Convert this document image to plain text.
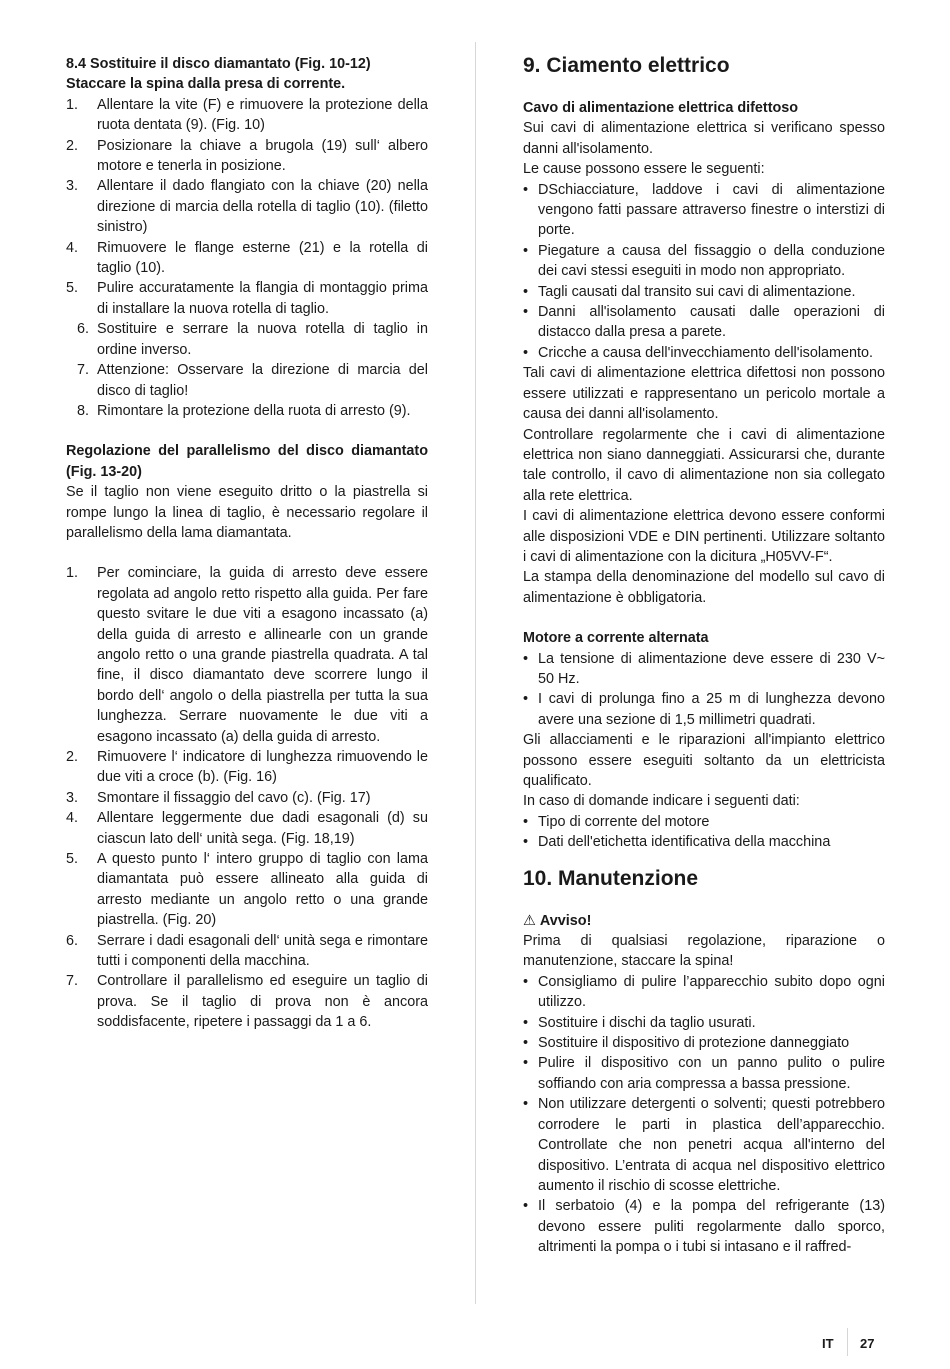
8.4 Sostituire il disco diamantato (Fig. 10-12)

Staccare la spina dalla presa di corrente.

1. Allentare la vite (F) e rimuovere la protezione della ruota dentata (9). (Fig. 10)
2. Posizionare la chiave a brugola (19) sull‘ albero motore e tenerla in posizione.
3. Allentare il dado flangiato con la chiave (20) nella direzione di marcia della rotella di taglio (10). (filetto sinistro)
4. Rimuovere le flange esterne (21) e la rotella di taglio (10).
5. Pulire accuratamente la flangia di montaggio prima di installare la nuova rotella di taglio.
6. Sostituire e serrare la nuova rotella di taglio in ordine inverso.
7. Attenzione: Osservare la direzione di marcia del disco di taglio!
8. Rimontare la protezione della ruota di arresto (9).

Regolazione del parallelismo del disco diamantato (Fig. 13-20)

Se il taglio non viene eseguito dritto o la piastrella si rompe lungo la linea di taglio, è necessario regolare il parallelismo della lama diamantata.

1. Per cominciare, la guida di arresto deve essere regolata ad angolo retto rispetto alla guida. Per fare questo svitare le due viti a esagono incassato (a) della guida di arresto e allinearle con un grande angolo retto o una grande piastrella quadrata. A tal fine, il disco diamantato deve scorrere lungo il bordo dell‘ angolo o della piastrella per tutta la sua lunghezza. Serrare nuovamente le due viti a esagono incassato (a) della guida di arresto.
2. Rimuovere l‘ indicatore di lunghezza rimuovendo le due viti a croce (b). (Fig. 16)
3. Smontare il fissaggio del cavo (c). (Fig. 17)
4. Allentare leggermente due dadi esagonali (d) su ciascun lato dell‘ unità sega. (Fig. 18,19)
5. A questo punto l‘ intero gruppo di taglio con lama diamantata può essere allineato alla guida di arresto mediante un angolo retto o una grande piastrella. (Fig. 20)
6. Serrare i dadi esagonali dell‘ unità sega e rimontare tutti i componenti della macchina.
7. Controllare il parallelismo ed eseguire un taglio di prova. Se il taglio di prova non è ancora soddisfacente, ripetere i passaggi da 1 a 6.
9. Ciamento elettrico

Cavo di alimentazione elettrica difettoso

Sui cavi di alimentazione elettrica si verificano spesso danni all'isolamento.

Le cause possono essere le seguenti:

• DSchiacciature, laddove i cavi di alimentazione vengono fatti passare attraverso finestre o interstizi di porte.
• Piegature a causa del fissaggio o della conduzione dei cavi stessi eseguiti in modo non appropriato.
• Tagli causati dal transito sui cavi di alimentazione.
• Danni all'isolamento causati dalle operazioni di distacco dalla presa a parete.
• Cricche a causa dell'invecchiamento dell'isolamento.

Tali cavi di alimentazione elettrica difettosi non possono essere utilizzati e rappresentano un pericolo mortale a causa dei danni all'isolamento.

Controllare regolarmente che i cavi di alimentazione elettrica non siano danneggiati. Assicurarsi che, durante tale controllo, il cavo di alimentazione non sia collegato alla rete elettrica.

I cavi di alimentazione elettrica devono essere conformi alle disposizioni VDE e DIN pertinenti. Utilizzare soltanto i cavi di alimentazione con la dicitura „H05VV-F“.

La stampa della denominazione del modello sul cavo di alimentazione è obbligatoria.

Motore a corrente alternata

• La tensione di alimentazione deve essere di 230 V~ 50 Hz.
• I cavi di prolunga fino a 25 m di lunghezza devono avere una sezione di 1,5 millimetri quadrati.

Gli allacciamenti e le riparazioni all'impianto elettrico possono essere eseguiti soltanto da un elettricista qualificato.

In caso di domande indicare i seguenti dati:

• Tipo di corrente del motore
• Dati dell'etichetta identificativa della macchina
10. Manutenzione

⚠ Avviso!

Prima di qualsiasi regolazione, riparazione o manutenzione, staccare la spina!

• Consigliamo di pulire l’apparecchio subito dopo ogni utilizzo.
• Sostituire i dischi da taglio usurati.
• Sostituire il dispositivo di protezione danneggiato
• Pulire il dispositivo con un panno pulito o pulire soffiando con aria compressa a bassa pressione.
• Non utilizzare detergenti o solventi; questi potrebbero corrodere le parti in plastica dell’apparecchio. Controllate che non penetri acqua all'interno del dispositivo. L’entrata di acqua nel dispositivo elettrico aumento il rischio di scosse elettriche.
• Il serbatoio (4) e la pompa del refrigerante (13) devono essere puliti regolarmente dallo sporco, altrimenti la pompa o i tubi si intasano e il raffred-
IT 27
